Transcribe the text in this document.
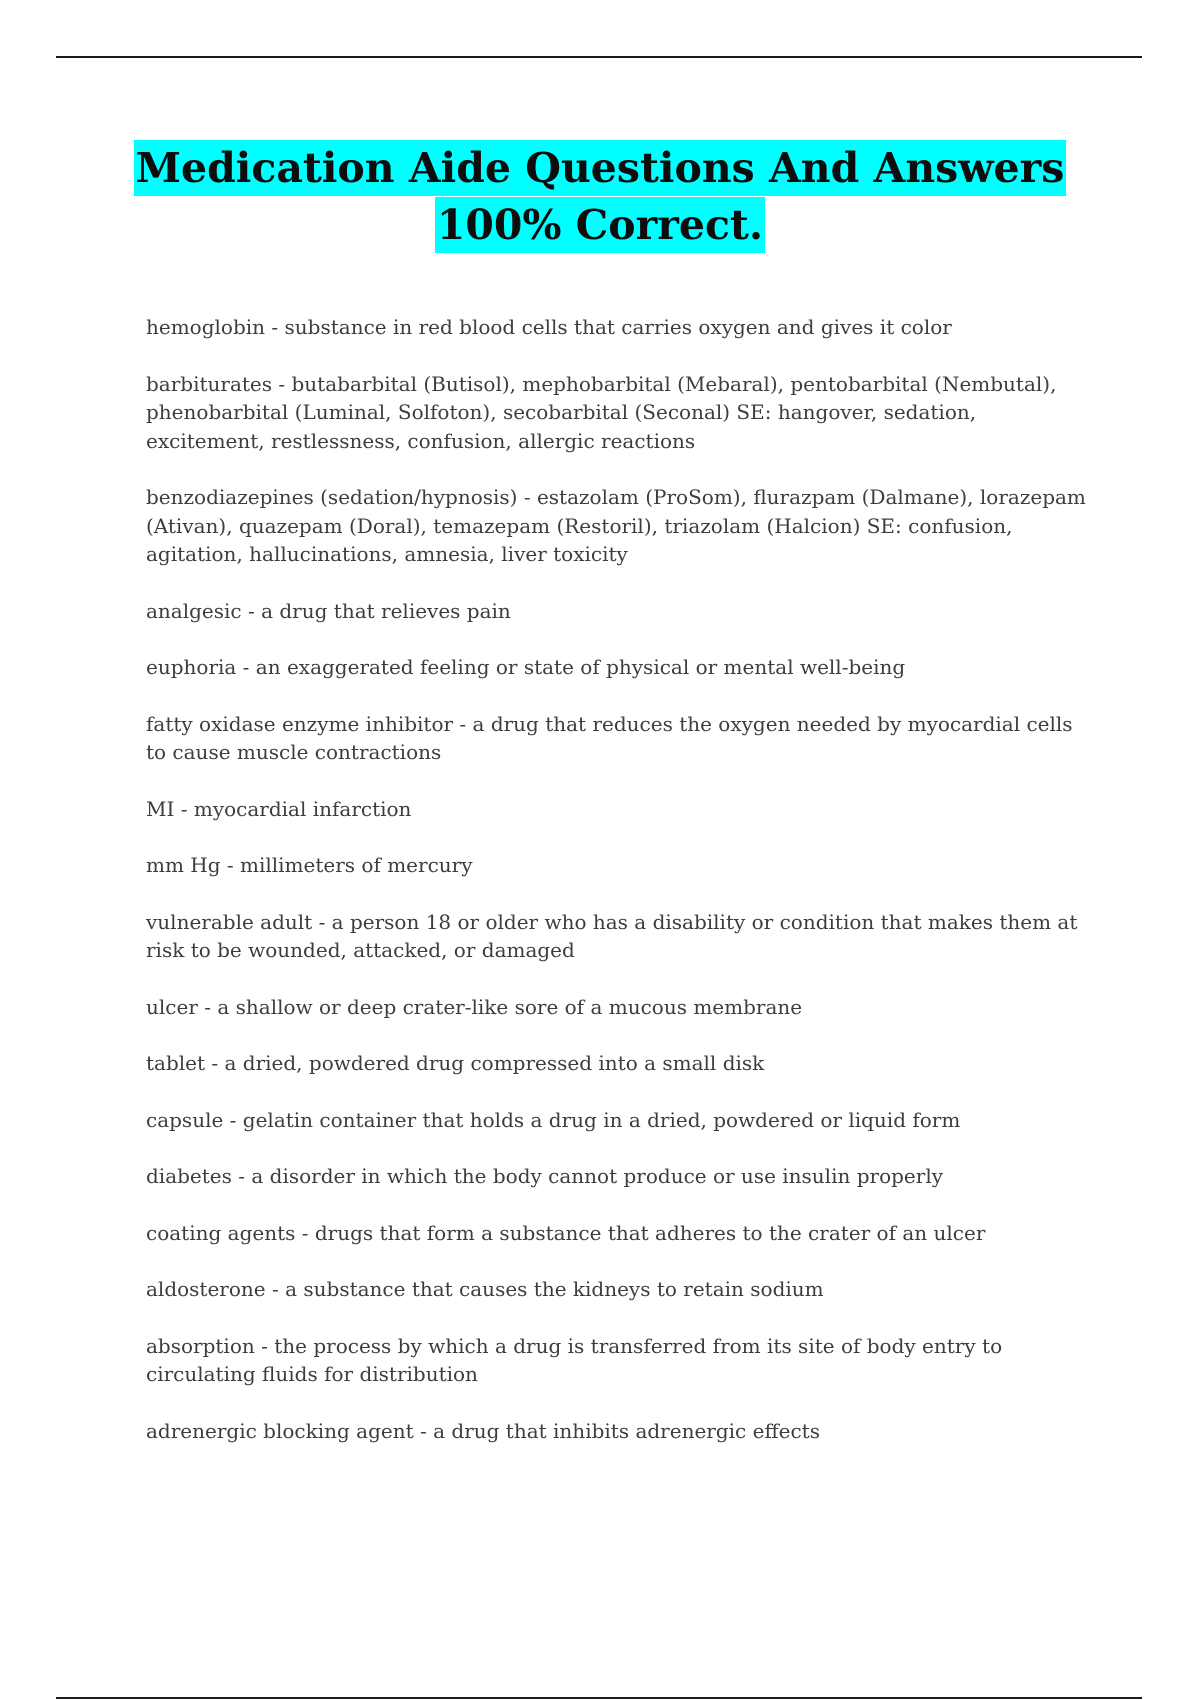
Medication Aide Questions And Answers
100% Correct.

hemoglobin - substance in red blood cells that carries oxygen and gives it color

barbiturates - butabarbital (Butisol), mephobarbital (Mebaral), pentobarbital (Nembutal), phenobarbital (Luminal, Solfoton), secobarbital (Seconal) SE: hangover, sedation, excitement, restlessness, confusion, allergic reactions

benzodiazepines (sedation/hypnosis) - estazolam (ProSom), flurazpam (Dalmane), lorazepam (Ativan), quazepam (Doral), temazepam (Restoril), triazolam (Halcion) SE: confusion, agitation, hallucinations, amnesia, liver toxicity

analgesic - a drug that relieves pain

euphoria - an exaggerated feeling or state of physical or mental well-being

fatty oxidase enzyme inhibitor - a drug that reduces the oxygen needed by myocardial cells to cause muscle contractions

MI - myocardial infarction

mm Hg - millimeters of mercury

vulnerable adult - a person 18 or older who has a disability or condition that makes them at risk to be wounded, attacked, or damaged

ulcer - a shallow or deep crater-like sore of a mucous membrane

tablet - a dried, powdered drug compressed into a small disk

capsule - gelatin container that holds a drug in a dried, powdered or liquid form

diabetes - a disorder in which the body cannot produce or use insulin properly

coating agents - drugs that form a substance that adheres to the crater of an ulcer

aldosterone - a substance that causes the kidneys to retain sodium

absorption - the process by which a drug is transferred from its site of body entry to circulating fluids for distribution

adrenergic blocking agent - a drug that inhibits adrenergic effects
